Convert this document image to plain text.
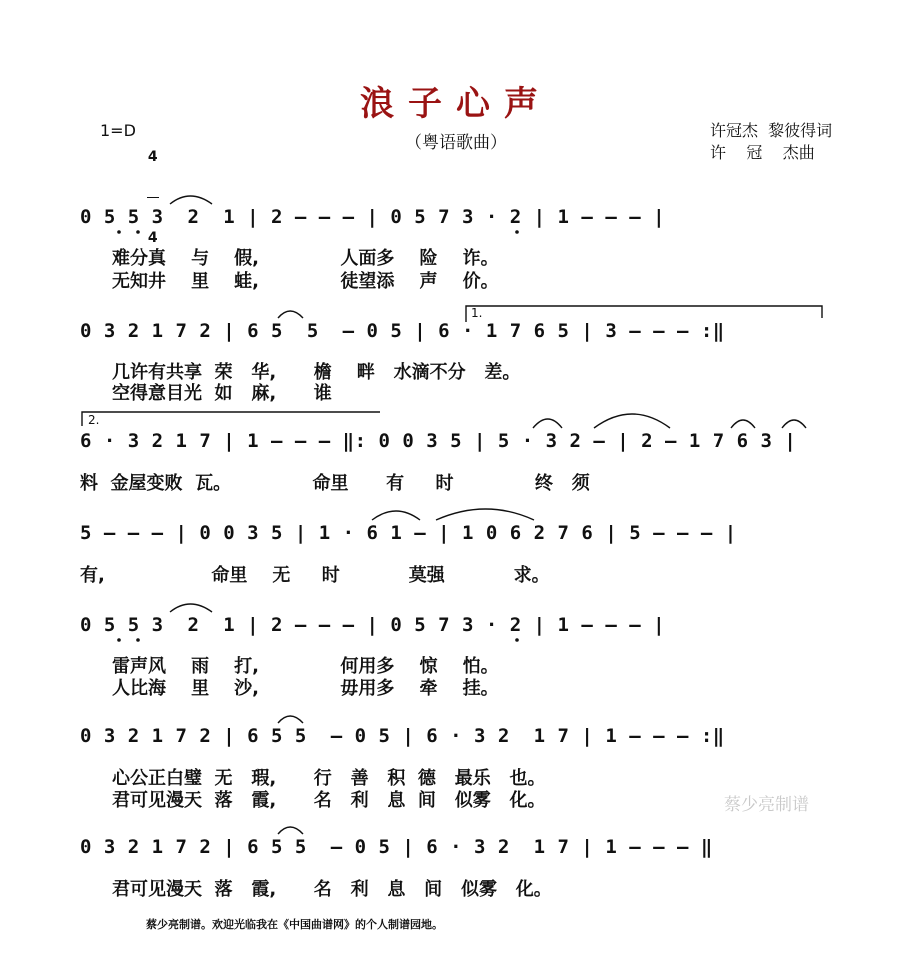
浪子心声
（粤语歌曲）
1=D

4

4

许冠杰  黎彼得词
许    冠    杰曲
0 5 5 3  2  1 | 2 – – – | 0 5 7 3 · 2 | 1 – – – |
难分真    与    假,             人面多    险    诈。
无知井    里    蛙,             徒望添    声    价。
1.
0 3 2 1 7 2 | 6 5  5  – 0 5 | 6 · 1 7 6 5 | 3 – – – :‖
几许有共享  荣   华,      檐    畔   水滴不分   差。
空得意目光  如   麻,      谁
2.
6 · 3 2 1 7 | 1 – – – ‖: 0 0 3 5 | 5 · 3 2 – | 2 – 1 7 6 3 |
料  金屋变败  瓦。             命里      有     时             终   须
5 – – – | 0 0 3 5 | 1 · 6 1 – | 1 0 6 2 7 6 | 5 – – – |
有,                 命里    无     时           莫强           求。
0 5 5 3  2  1 | 2 – – – | 0 5 7 3 · 2 | 1 – – – |
雷声风    雨    打,             何用多    惊    怕。
人比海    里    沙,             毋用多    牵    挂。
0 3 2 1 7 2 | 6 5 5  – 0 5 | 6 · 3 2  1 7 | 1 – – – :‖
心公正白璧  无   瑕,      行   善   积  德   最乐   也。
君可见漫天  落   霞,      名   利   息  间   似雾   化。
0 3 2 1 7 2 | 6 5 5  – 0 5 | 6 · 3 2  1 7 | 1 – – – ‖
君可见漫天  落   霞,      名   利   息   间   似雾   化。
蔡少亮制谱
蔡少亮制谱。欢迎光临我在《中国曲谱网》的个人制谱园地。
